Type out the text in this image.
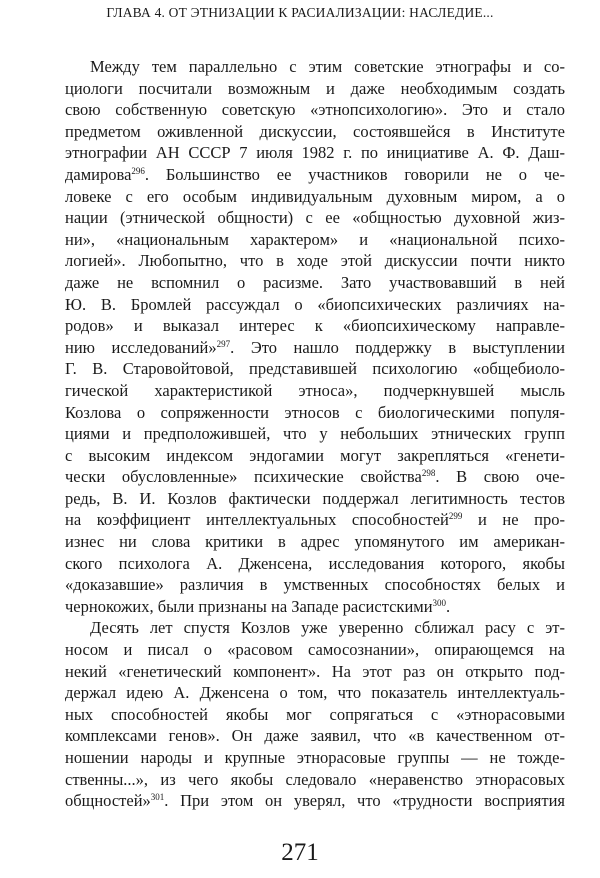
ГЛАВА 4. ОТ ЭТНИЗАЦИИ К РАСИАЛИЗАЦИИ: НАСЛЕДИЕ...
Между тем параллельно с этим советские этнографы и со-
циологи посчитали возможным и даже необходимым создать
свою собственную советскую «этнопсихологию». Это и стало
предметом оживленной дискуссии, состоявшейся в Институте
этнографии АН СССР 7 июля 1982 г. по инициативе А. Ф. Даш-
дамирова$^{296}$. Большинство ее участников говорили не о че-
ловеке с его особым индивидуальным духовным миром, а о
нации (этнической общности) с ее «общностью духовной жиз-
ни», «национальным характером» и «национальной психо-
логией». Любопытно, что в ходе этой дискуссии почти никто
даже не вспомнил о расизме. Зато участвовавший в ней
Ю. В. Бромлей рассуждал о «биопсихических различиях на-
родов» и выказал интерес к «биопсихическому направле-
нию исследований»$^{297}$. Это нашло поддержку в выступлении
Г. В. Старовойтовой, представившей психологию «общебиоло-
гической характеристикой этноса», подчеркнувшей мысль
Козлова о сопряженности этносов с биологическими популя-
циями и предположившей, что у небольших этнических групп
с высоким индексом эндогамии могут закрепляться «генети-
чески обусловленные» психические свойства$^{298}$. В свою оче-
редь, В. И. Козлов фактически поддержал легитимность тестов
на коэффициент интеллектуальных способностей$^{299}$ и не про-
изнес ни слова критики в адрес упомянутого им американ-
ского психолога А. Дженсена, исследования которого, якобы
«доказавшие» различия в умственных способностях белых и
чернокожих, были признаны на Западе расистскими$^{300}$.
Десять лет спустя Козлов уже уверенно сближал расу с эт-
носом и писал о «расовом самосознании», опирающемся на
некий «генетический компонент». На этот раз он открыто под-
держал идею А. Дженсена о том, что показатель интеллектуаль-
ных способностей якобы мог сопрягаться с «этнорасовыми
комплексами генов». Он даже заявил, что «в качественном от-
ношении народы и крупные этнорасовые группы — не тожде-
ственны...», из чего якобы следовало «неравенство этнорасовых
общностей»$^{301}$. При этом он уверял, что «трудности восприятия
271
